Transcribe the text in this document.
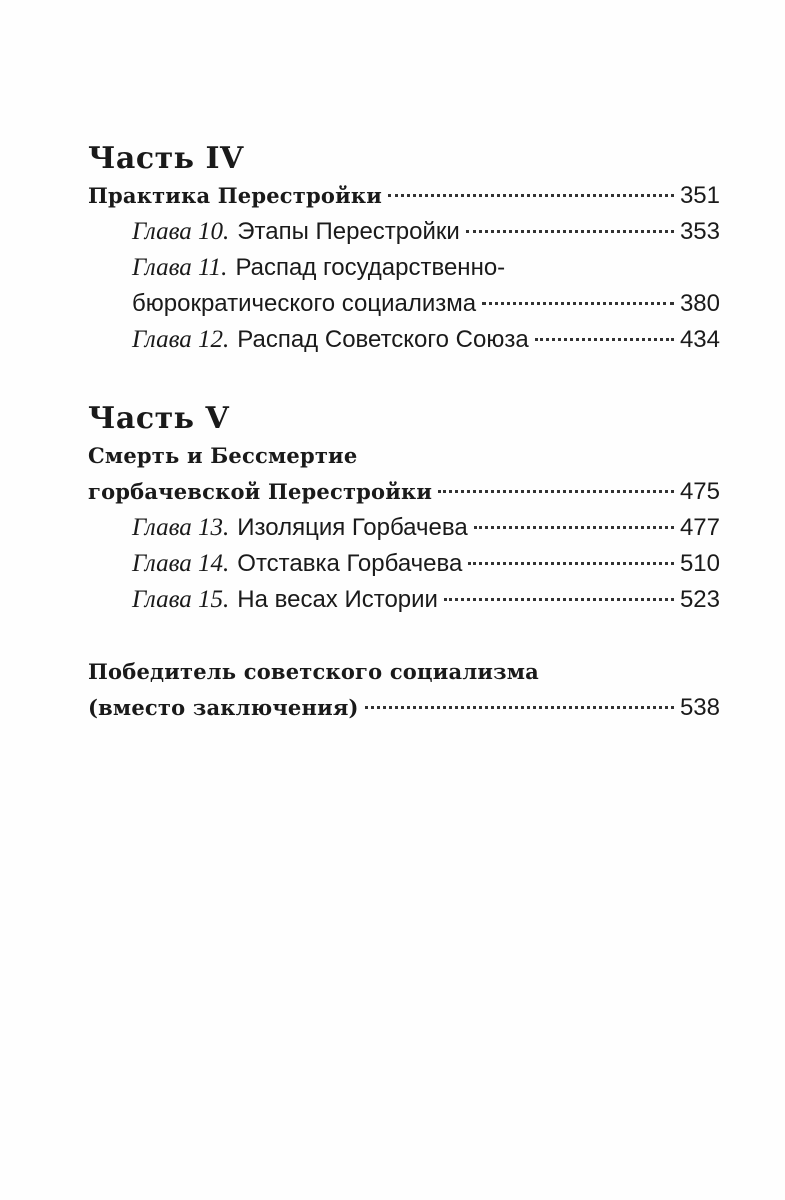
Часть IV
Практика Перестройки	351
Глава 10. Этапы Перестройки	353
Глава 11. Распад государственно-
бюрократического социализма	380
Глава 12. Распад Советского Союза	434
Часть V
Смерть и Бессмертие
горбачевской Перестройки	475
Глава 13. Изоляция Горбачева	477
Глава 14. Отставка Горбачева	510
Глава 15. На весах Истории	523
Победитель советского социализма
(вместо заключения)	538
